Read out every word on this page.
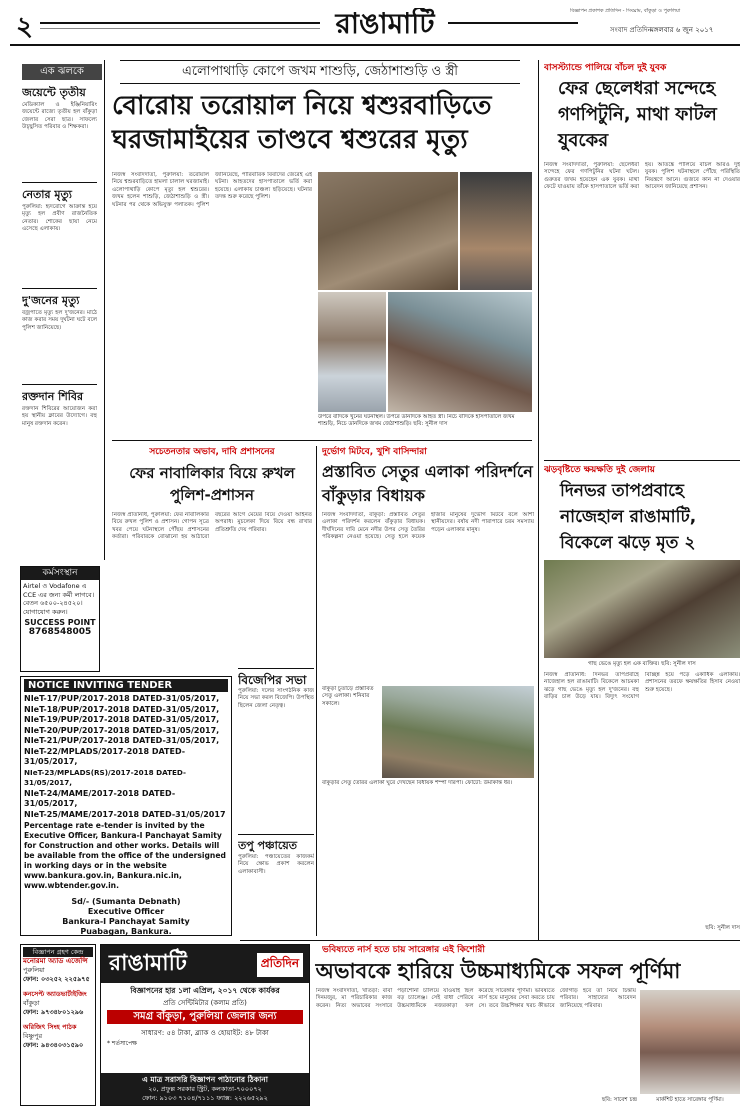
২	সংবাদ প্রতিদিন
বিজ্ঞাপন প্রকাশক প্রতিদিন - সিংঘ্রাম, বাঁকুড়া ও পুরুলিয়া
মঙ্গলবার ৬ জুন ২০১৭
রাঙামাটি
এক ঝলকে
জয়েন্টে তৃতীয়
মেডিক্যাল ও ইঞ্জিনিয়ারিং জয়েন্টে রাজ্যে তৃতীয় হল বাঁকুড়া জেলার সেরা ছাত্র। সাফল্যে উচ্ছ্বসিত পরিবার ও শিক্ষকরা।
নেতার মৃত্যু
পুরুলিয়া: হৃদরোগে আক্রান্ত হয়ে মৃত্যু হল প্রবীণ রাজনৈতিক নেতার। শোকের ছায়া নেমে এসেছে এলাকায়।
দু'জনের মৃত্যু
বজ্রপাতে মৃত্যু হল দু'জনের। মাঠে কাজ করার সময় দুর্ঘটনা ঘটে বলে পুলিশ জানিয়েছে।
রক্তদান শিবির
রক্তদান শিবিরের আয়োজন করা হয় স্থানীয় ক্লাবের উদ্যোগে। বহু মানুষ রক্তদান করেন।
কর্মসংস্থান
Airtel ও Vodafone এ CCE এর জন্য কর্মী লাগবে। বেতন ৬৫০০-২৪৫২০। যোগাযোগ করুন।
SUCCESS POINT
8768548005
NOTICE INVITING TENDER
NIeT-17/PUP/2017-2018 DATED-31/05/2017,
NIeT-18/PUP/2017-2018 DATED-31/05/2017,
NIeT-19/PUP/2017-2018 DATED-31/05/2017,
NIeT-20/PUP/2017-2018 DATED-31/05/2017,
NIeT-21/PUP/2017-2018 DATED-31/05/2017,
NIeT-22/MPLADS/2017-2018 DATED-31/05/2017,
NIeT-23/MPLADS(RS)/2017-2018 DATED-31/05/2017,
NIeT-24/MAME/2017-2018 DATED-31/05/2017,
NIeT-25/MAME/2017-2018 DATED-31/05/2017
Percentage rate e-tender is invited by the Executive Officer, Bankura-I Panchayat Samity for Construction and other works. Details will be available from the office of the undersigned in working days or in the website www.bankura.gov.in, Bankura.nic.in, www.wbtender.gov.in.
Sd/- (Sumanta Debnath)
Executive Officer
Bankura-I Panchayat Samity
Puabagan, Bankura.
এলোপাথাড়ি কোপে জখম শাশুড়ি, জেঠাশাশুড়ি ও স্ত্রী
বোরোয় তরোয়াল নিয়ে শ্বশুরবাড়িতে
ঘরজামাইয়ের তাণ্ডবে শ্বশুরের মৃত্যু
নিজস্ব সংবাদদাতা, পুরুলিয়া: তরোয়াল নিয়ে শ্বশুরবাড়িতে হামলা চালাল ঘরজামাই। এলোপাথাড়ি কোপে মৃত্যু হল শ্বশুরের। জখম হলেন শাশুড়ি, জেঠাশাশুড়ি ও স্ত্রী। ঘটনার পর থেকে অভিযুক্ত পলাতক। পুলিশ জানিয়েছে, পারিবারিক বিবাদের জেরেই এই ঘটনা। আহতদের হাসপাতালে ভর্তি করা হয়েছে। এলাকায় চাঞ্চল্য ছড়িয়েছে। ঘটনার তদন্ত শুরু করেছে পুলিশ।
উপরে বাঁদিকে খুনের ঘটনাস্থল। উপরে ডানদিকে আহত স্ত্রী। নিচে বাঁদিকে হাসপাতালে জখম শাশুড়ি, নিচে ডানদিকে জখম জেঠাশাশুড়ি। ছবি: সুনীল দাস
বাসস্ট্যান্ডে পালিয়ে বাঁচল দুই যুবক
ফের ছেলেধরা সন্দেহে গণপিটুনি, মাথা ফাটল যুবকের
নিজস্ব সংবাদদাতা, পুরুলিয়া: ছেলেধরা সন্দেহে ফের গণপিটুনির ঘটনা ঘটল। গুরুতর জখম হয়েছেন এক যুবক। মাথা ফেটে যাওয়ায় তাঁকে হাসপাতালে ভর্তি করা হয়। আতঙ্কে পালিয়ে বাঁচল আরও দুই যুবক। পুলিশ ঘটনাস্থলে পৌঁছে পরিস্থিতি নিয়ন্ত্রণে আনে। গুজবে কান না দেওয়ার আবেদন জানিয়েছে প্রশাসন।
ঝড়বৃষ্টিতে ক্ষয়ক্ষতি দুই জেলায়
দিনভর তাপপ্রবাহে নাজেহাল রাঙামাটি, বিকেলে ঝড়ে মৃত ২
গাছ ভেঙে মৃত্যু হল এক ব্যক্তির। ছবি: সুনীল দাস
নিজস্ব প্রতিনিধি: দিনভর তাপপ্রবাহে নাজেহাল হল রাঙামাটি। বিকেলে আচমকা ঝড়ে গাছ ভেঙে মৃত্যু হল দু'জনের। বহু বাড়ির চাল উড়ে যায়। বিদ্যুৎ সংযোগ বিচ্ছিন্ন হয়ে পড়ে একাধিক এলাকায়। প্রশাসনের তরফে ক্ষয়ক্ষতির হিসাব নেওয়া শুরু হয়েছে।
ছবি: সুনীল দাস
সচেতনতার অভাব, দাবি প্রশাসনের
ফের নাবালিকার বিয়ে রুখল পুলিশ-প্রশাসন
নিজস্ব প্রতিনিধি, পুরুলিয়া: ফের নাবালিকার বিয়ে রুখল পুলিশ ও প্রশাসন। গোপন সূত্রে খবর পেয়ে ঘটনাস্থলে পৌঁছয় প্রশাসনের কর্তারা। পরিবারকে বোঝানো হয় আঠারো বছরের আগে মেয়ের বিয়ে দেওয়া আইনত অপরাধ। মুচলেকা দিয়ে বিয়ে বন্ধ রাখার প্রতিশ্রুতি দেয় পরিবার।
বিজেপির সভা
পুরুলিয়া: দলের সাংগঠনিক কাজ নিয়ে সভা করল বিজেপি। উপস্থিত ছিলেন জেলা নেতৃত্ব।
তপু পঞ্চায়েত
পুরুলিয়া: পঞ্চায়েতের কাজকর্ম নিয়ে ক্ষোভ প্রকাশ করলেন এলাকাবাসী।
দুর্ভোগ মিটবে, খুশি বাসিন্দারা
প্রস্তাবিত সেতুর এলাকা পরিদর্শনে বাঁকুড়ার বিধায়ক
নিজস্ব সংবাদদাতা, বাঁকুড়া: প্রস্তাবিত সেতুর এলাকা পরিদর্শন করলেন বাঁকুড়ার বিধায়ক। দীর্ঘদিনের দাবি মেনে নদীর উপর সেতু তৈরির পরিকল্পনা নেওয়া হয়েছে। সেতু হলে কয়েক হাজার মানুষের দুর্ভোগ মিটবে বলে আশা স্থানীয়দের। বর্ষায় নদী পারাপারে চরম সমস্যায় পড়েন এলাকার মানুষ।
বাঁকুড়া চুতাড়ে প্রস্তাবিত সেতু এলাকা। শনিবার সকালে।
বাঁকুড়ার সেতু তৈরির এলাকা ঘুরে দেখছেন বিধায়ক শম্পা দরিপা। ফোটো: উমাকান্ত ধর।
ভবিষ্যতে নার্স হতে চায় সারেঙ্গার এই কিশোরী
অভাবকে হারিয়ে উচ্চমাধ্যমিকে সফল পূর্ণিমা
নিজস্ব সংবাদদাতা, খাতড়া: বাবা দিনমজুর, মা পরিচারিকার কাজ করেন। নিত্য অভাবের সংসারে পড়াশোনা চালিয়ে যাওয়াই ছিল বড় চ্যালেঞ্জ। সেই বাধা পেরিয়ে উচ্চমাধ্যমিকে নজরকাড়া ফল করেছে সারেঙ্গার পূর্ণিমা। ভবিষ্যতে নার্স হয়ে মানুষের সেবা করতে চায় সে। তবে উচ্চশিক্ষার খরচ কীভাবে জোগাড় হবে তা নিয়ে চিন্তায় পরিবার। সাহায্যের আবেদন জানিয়েছে পরিবার।
মার্কশিট হাতে সারেঙ্গার পূর্ণিমা।
ছবি: সাবেশ চন্দ্র
বিজ্ঞাপন গ্রহণ কেন্দ্র
মনোরমা অ্যাড এজেন্সি
পুরুলিয়া
ফোন: ০৩২৫২ ২২৫৯৭৫
কনসেপ্ট অ্যাডভার্টাইজিং
বাঁকুড়া
ফোন: ৯৭৩৪৮০১২৯৬
অরিজিৎ সিংহ পাঠক
বিষ্ণুপুর
ফোন: ৯৪৩৪০৩১৫৯০
রাঙামাটি	প্রতিদিন
বিজ্ঞাপনের হার ১লা এপ্রিল, ২০১৭ থেকে কার্যকর
প্রতি সেন্টিমিটার (কলাম প্রতি)
সমগ্র বাঁকুড়া, পুরুলিয়া জেলার জন্য
সাধারণ: ৫৪ টাকা, ব্ল্যাক ও হোয়াইট: ৪৮ টাকা
* শর্তসাপেক্ষ
এ মাত্র সরাসরি বিজ্ঞাপন পাঠানোর ঠিকানা
২০, প্রফুল্ল সরকার স্ট্রিট, কলকাতা-৭০০০৭২
ফোন: ৯১০৩ ৭১০৪/৭১১১ ফ্যাক্স: ২২২৬৫২৯২
